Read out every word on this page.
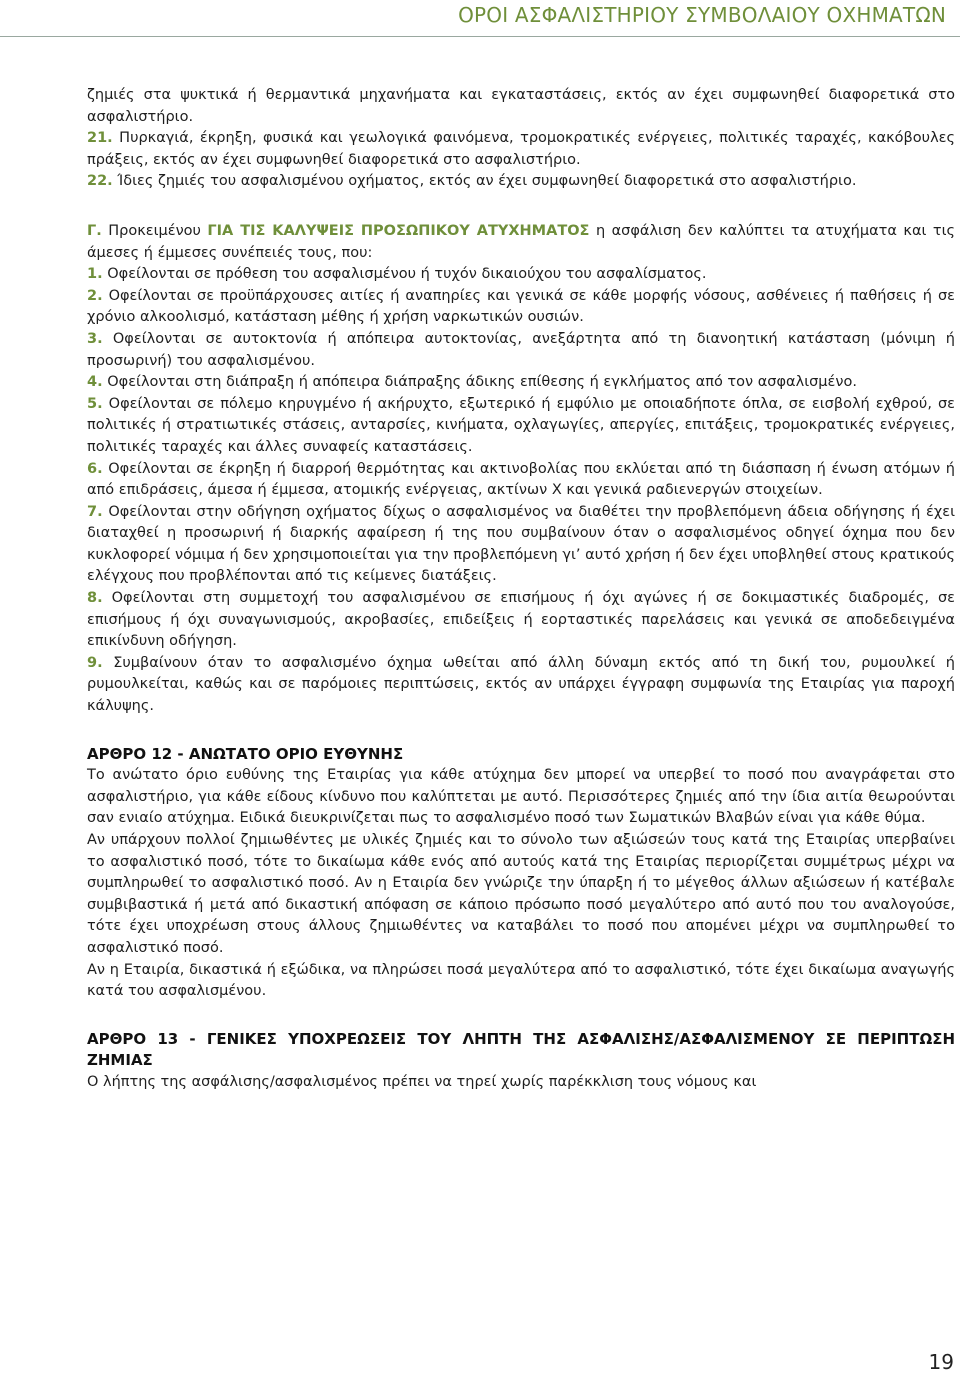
ΟΡΟΙ ΑΣΦΑΛΙΣΤΗΡΙΟΥ ΣΥΜΒΟΛΑΙΟΥ ΟΧΗΜΑΤΩΝ

ζημιές στα ψυκτικά ή θερμαντικά μηχανήματα και εγκαταστάσεις, εκτός αν έχει συμφωνηθεί διαφορετικά στο ασφαλιστήριο.

21. Πυρκαγιά, έκρηξη, φυσικά και γεωλογικά φαινόμενα, τρομοκρατικές ενέργειες, πολιτικές ταραχές, κακόβουλες πράξεις, εκτός αν έχει συμφωνηθεί διαφορετικά στο ασφαλιστήριο.

22. Ίδιες ζημιές του ασφαλισμένου οχήματος, εκτός αν έχει συμφωνηθεί διαφορετικά στο ασφαλιστήριο.

Γ. Προκειμένου ΓΙΑ ΤΙΣ ΚΑΛΥΨΕΙΣ ΠΡΟΣΩΠΙΚΟΥ ΑΤΥΧΗΜΑΤΟΣ η ασφάλιση δεν καλύπτει τα ατυχήματα και τις άμεσες ή έμμεσες συνέπειές τους, που:

1. Οφείλονται σε πρόθεση του ασφαλισμένου ή τυχόν δικαιούχου του ασφαλίσματος.

2. Οφείλονται σε προϋπάρχουσες αιτίες ή αναπηρίες και γενικά σε κάθε μορφής νόσους, ασθένειες ή παθήσεις ή σε χρόνιο αλκοολισμό, κατάσταση μέθης ή χρήση ναρκωτικών ουσιών.

3. Οφείλονται σε αυτοκτονία ή απόπειρα αυτοκτονίας, ανεξάρτητα από τη διανοητική κατάσταση (μόνιμη ή προσωρινή) του ασφαλισμένου.

4. Οφείλονται στη διάπραξη ή απόπειρα διάπραξης άδικης επίθεσης ή εγκλήματος από τον ασφαλισμένο.

5. Οφείλονται σε πόλεμο κηρυγμένο ή ακήρυχτο, εξωτερικό ή εμφύλιο με οποιαδήποτε όπλα, σε εισβολή εχθρού, σε πολιτικές ή στρατιωτικές στάσεις, ανταρσίες, κινήματα, οχλαγωγίες, απεργίες, επιτάξεις, τρομοκρατικές ενέργειες, πολιτικές ταραχές και άλλες συναφείς καταστάσεις.

6. Οφείλονται σε έκρηξη ή διαρροή θερμότητας και ακτινοβολίας που εκλύεται από τη διάσπαση ή ένωση ατόμων ή από επιδράσεις, άμεσα ή έμμεσα, ατομικής ενέργειας, ακτίνων Χ και γενικά ραδιενεργών στοιχείων.

7. Οφείλονται στην οδήγηση οχήματος δίχως ο ασφαλισμένος να διαθέτει την προβλεπόμενη άδεια οδήγησης ή έχει διαταχθεί η προσωρινή ή διαρκής αφαίρεση ή της που συμβαίνουν όταν ο ασφαλισμένος οδηγεί όχημα που δεν κυκλοφορεί νόμιμα ή δεν χρησιμοποιείται για την προβλεπόμενη γι’ αυτό χρήση ή δεν έχει υποβληθεί στους κρατικούς ελέγχους που προβλέπονται από τις κείμενες διατάξεις.

8. Οφείλονται στη συμμετοχή του ασφαλισμένου σε επισήμους ή όχι αγώνες ή σε δοκιμαστικές διαδρομές, σε επισήμους ή όχι συναγωνισμούς, ακροβασίες, επιδείξεις ή εορταστικές παρελάσεις και γενικά σε αποδεδειγμένα επικίνδυνη οδήγηση.

9. Συμβαίνουν όταν το ασφαλισμένο όχημα ωθείται από άλλη δύναμη εκτός από τη δική του, ρυμουλκεί ή ρυμουλκείται, καθώς και σε παρόμοιες περιπτώσεις, εκτός αν υπάρχει έγγραφη συμφωνία της Εταιρίας για παροχή κάλυψης.

ΑΡΘΡΟ 12 - ΑΝΩΤΑΤΟ ΟΡΙΟ ΕΥΘΥΝΗΣ

Το ανώτατο όριο ευθύνης της Εταιρίας για κάθε ατύχημα δεν μπορεί να υπερβεί το ποσό που αναγράφεται στο ασφαλιστήριο, για κάθε είδους κίνδυνο που καλύπτεται με αυτό. Περισσότερες ζημιές από την ίδια αιτία θεωρούνται σαν ενιαίο ατύχημα. Ειδικά διευκρινίζεται πως το ασφαλισμένο ποσό των Σωματικών Βλαβών είναι για κάθε θύμα.

Αν υπάρχουν πολλοί ζημιωθέντες με υλικές ζημιές και το σύνολο των αξιώσεών τους κατά της Εταιρίας υπερβαίνει το ασφαλιστικό ποσό, τότε το δικαίωμα κάθε ενός από αυτούς κατά της Εταιρίας περιορίζεται συμμέτρως μέχρι να συμπληρωθεί το ασφαλιστικό ποσό. Αν η Εταιρία δεν γνώριζε την ύπαρξη ή το μέγεθος άλλων αξιώσεων ή κατέβαλε συμβιβαστικά ή μετά από δικαστική απόφαση σε κάποιο πρόσωπο ποσό μεγαλύτερο από αυτό που του αναλογούσε, τότε έχει υποχρέωση στους άλλους ζημιωθέντες να καταβάλει το ποσό που απομένει μέχρι να συμπληρωθεί το ασφαλιστικό ποσό.

Αν η Εταιρία, δικαστικά ή εξώδικα, να πληρώσει ποσά μεγαλύτερα από το ασφαλιστικό, τότε έχει δικαίωμα αναγωγής κατά του ασφαλισμένου.

ΑΡΘΡΟ 13 - ΓΕΝΙΚΕΣ ΥΠΟΧΡΕΩΣΕΙΣ ΤΟΥ ΛΗΠΤΗ ΤΗΣ ΑΣΦΑΛΙΣΗΣ/ΑΣΦΑΛΙΣΜΕΝΟΥ ΣΕ ΠΕΡΙΠΤΩΣΗ ΖΗΜΙΑΣ

Ο λήπτης της ασφάλισης/ασφαλισμένος πρέπει να τηρεί χωρίς παρέκκλιση τους νόμους και

19
